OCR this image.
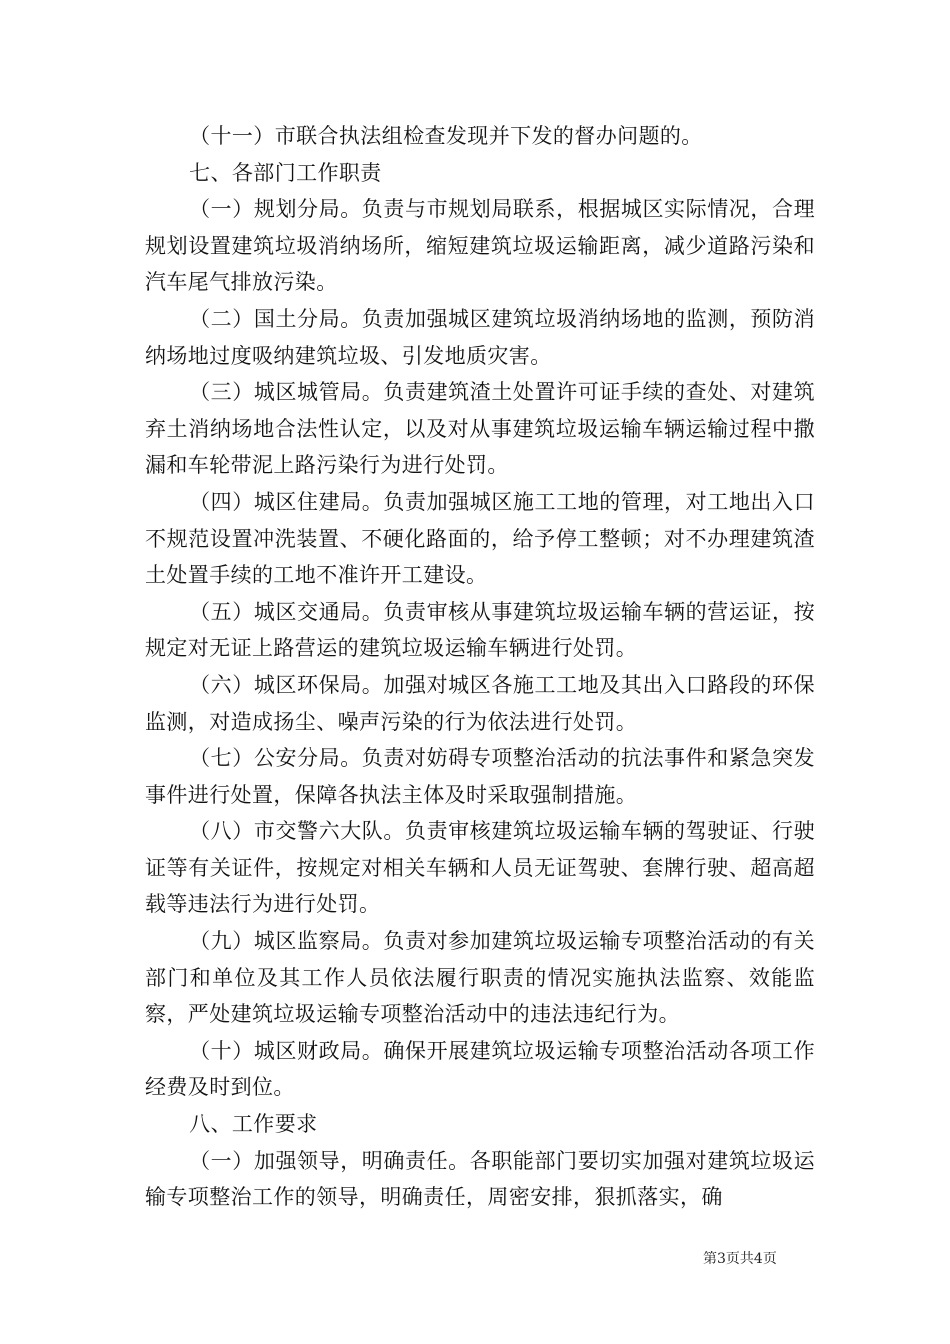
（十一）市联合执法组检查发现并下发的督办问题的。

七、各部门工作职责

（一）规划分局。负责与市规划局联系，根据城区实际情况，合理规划设置建筑垃圾消纳场所，缩短建筑垃圾运输距离，减少道路污染和汽车尾气排放污染。

（二）国土分局。负责加强城区建筑垃圾消纳场地的监测，预防消纳场地过度吸纳建筑垃圾、引发地质灾害。

（三）城区城管局。负责建筑渣土处置许可证手续的查处、对建筑弃土消纳场地合法性认定，以及对从事建筑垃圾运输车辆运输过程中撒漏和车轮带泥上路污染行为进行处罚。

（四）城区住建局。负责加强城区施工工地的管理，对工地出入口不规范设置冲洗装置、不硬化路面的，给予停工整顿；对不办理建筑渣土处置手续的工地不准许开工建设。

（五）城区交通局。负责审核从事建筑垃圾运输车辆的营运证，按规定对无证上路营运的建筑垃圾运输车辆进行处罚。

（六）城区环保局。加强对城区各施工工地及其出入口路段的环保监测，对造成扬尘、噪声污染的行为依法进行处罚。

（七）公安分局。负责对妨碍专项整治活动的抗法事件和紧急突发事件进行处置，保障各执法主体及时采取强制措施。

（八）市交警六大队。负责审核建筑垃圾运输车辆的驾驶证、行驶证等有关证件，按规定对相关车辆和人员无证驾驶、套牌行驶、超高超载等违法行为进行处罚。

（九）城区监察局。负责对参加建筑垃圾运输专项整治活动的有关部门和单位及其工作人员依法履行职责的情况实施执法监察、效能监察，严处建筑垃圾运输专项整治活动中的违法违纪行为。

（十）城区财政局。确保开展建筑垃圾运输专项整治活动各项工作经费及时到位。

八、工作要求

（一）加强领导，明确责任。各职能部门要切实加强对建筑垃圾运输专项整治工作的领导，明确责任，周密安排，狠抓落实，确

第3页共4页
